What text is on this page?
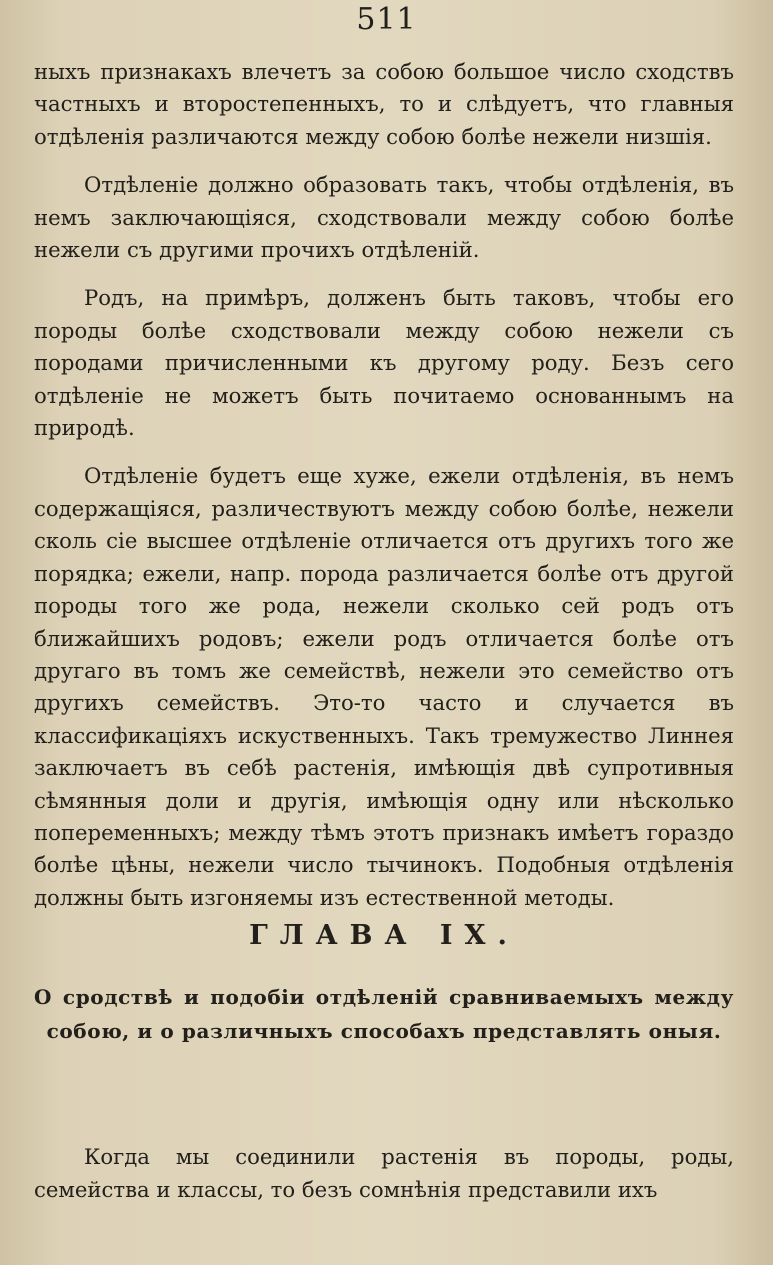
511

ныхъ признакахъ влечетъ за собою большое число сходствъ частныхъ и второстепенныхъ, то и слѣдуетъ, что главныя отдѣленія различаются между собою болѣе нежели низшія.

Отдѣленіе должно образовать такъ, чтобы отдѣленія, въ немъ заключающіяся, сходствовали между собою болѣе нежели съ другими прочихъ отдѣленій.

Родъ, на примѣръ, долженъ быть таковъ, чтобы его породы болѣе сходствовали между собою нежели съ породами причисленными къ другому роду. Безъ сего отдѣленіе не можетъ быть почитаемо основаннымъ на природѣ.

Отдѣленіе будетъ еще хуже, ежели отдѣленія, въ немъ содержащіяся, различествуютъ между собою болѣе, нежели сколь сіе высшее отдѣленіе отличается отъ другихъ того же порядка; ежели, напр. порода различается болѣе отъ другой породы того же рода, нежели сколько сей родъ отъ ближайшихъ родовъ; ежели родъ отличается болѣе отъ другаго въ томъ же семействѣ, нежели это семейство отъ другихъ семействъ. Это-то часто и случается въ классификаціяхъ искуственныхъ. Такъ тремужество Линнея заключаетъ въ себѣ растенія, имѣющія двѣ супротивныя сѣмянныя доли и другія, имѣющія одну или нѣсколько попеременныхъ; между тѣмъ этотъ признакъ имѣетъ гораздо болѣе цѣны, нежели число тычинокъ. Подобныя отдѣленія должны быть изгоняемы изъ естественной методы.

ГЛАВА IX.
О сродствѣ и подобіи отдѣленій сравниваемыхъ между собою, и о различныхъ способахъ представлять оныя.

Когда мы соединили растенія въ породы, роды, семейства и классы, то безъ сомнѣнія представили ихъ
